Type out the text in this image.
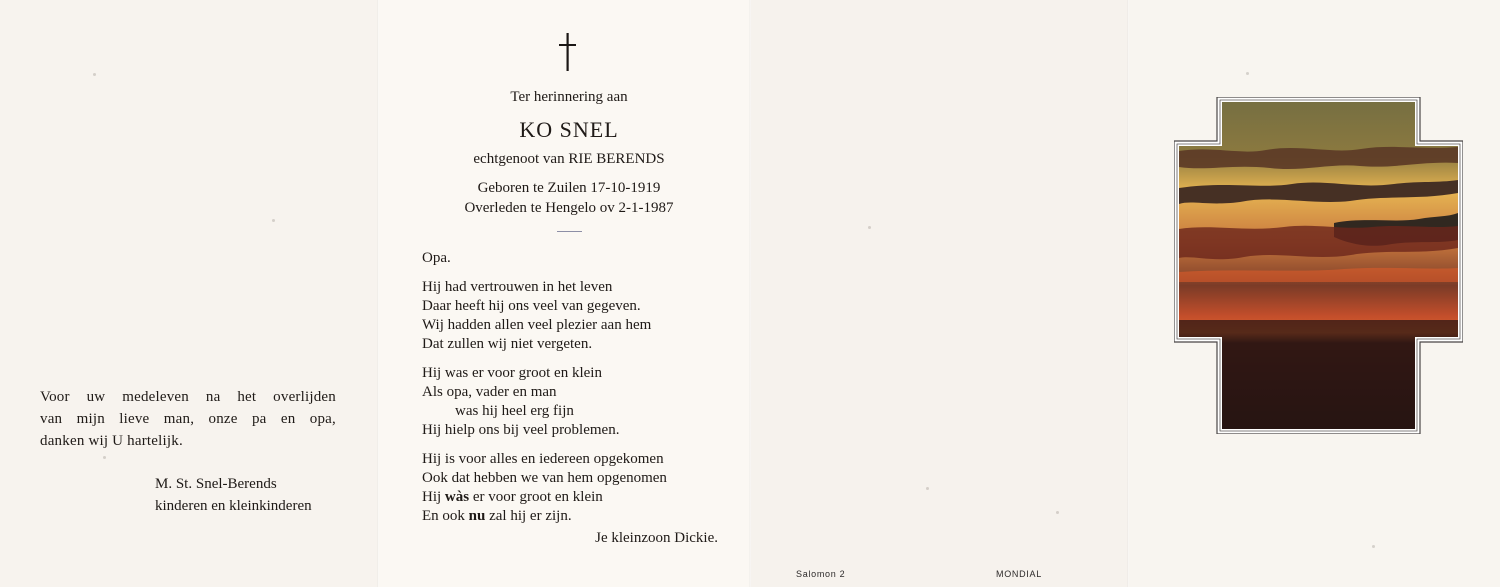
Voor uw medeleven na het overlijden
van mijn lieve man, onze pa en opa,
danken wij U hartelijk.
M. St. Snel-Berends
kinderen en kleinkinderen
Ter herinnering aan
KO SNEL
echtgenoot van RIE BERENDS
Geboren te Zuilen 17-10-1919
Overleden te Hengelo ov 2-1-1987
Opa.
Hij had vertrouwen in het leven
Daar heeft hij ons veel van gegeven.
Wij hadden allen veel plezier aan hem
Dat zullen wij niet vergeten.
Hij was er voor groot en klein
Als opa, vader en man
was hij heel erg fijn
Hij hielp ons bij veel problemen.
Hij is voor alles en iedereen opgekomen
Ook dat hebben we van hem opgenomen
Hij wàs er voor groot en klein
En ook nu zal hij er zijn.
Je kleinzoon Dickie.
Salomon 2	MONDIAL
